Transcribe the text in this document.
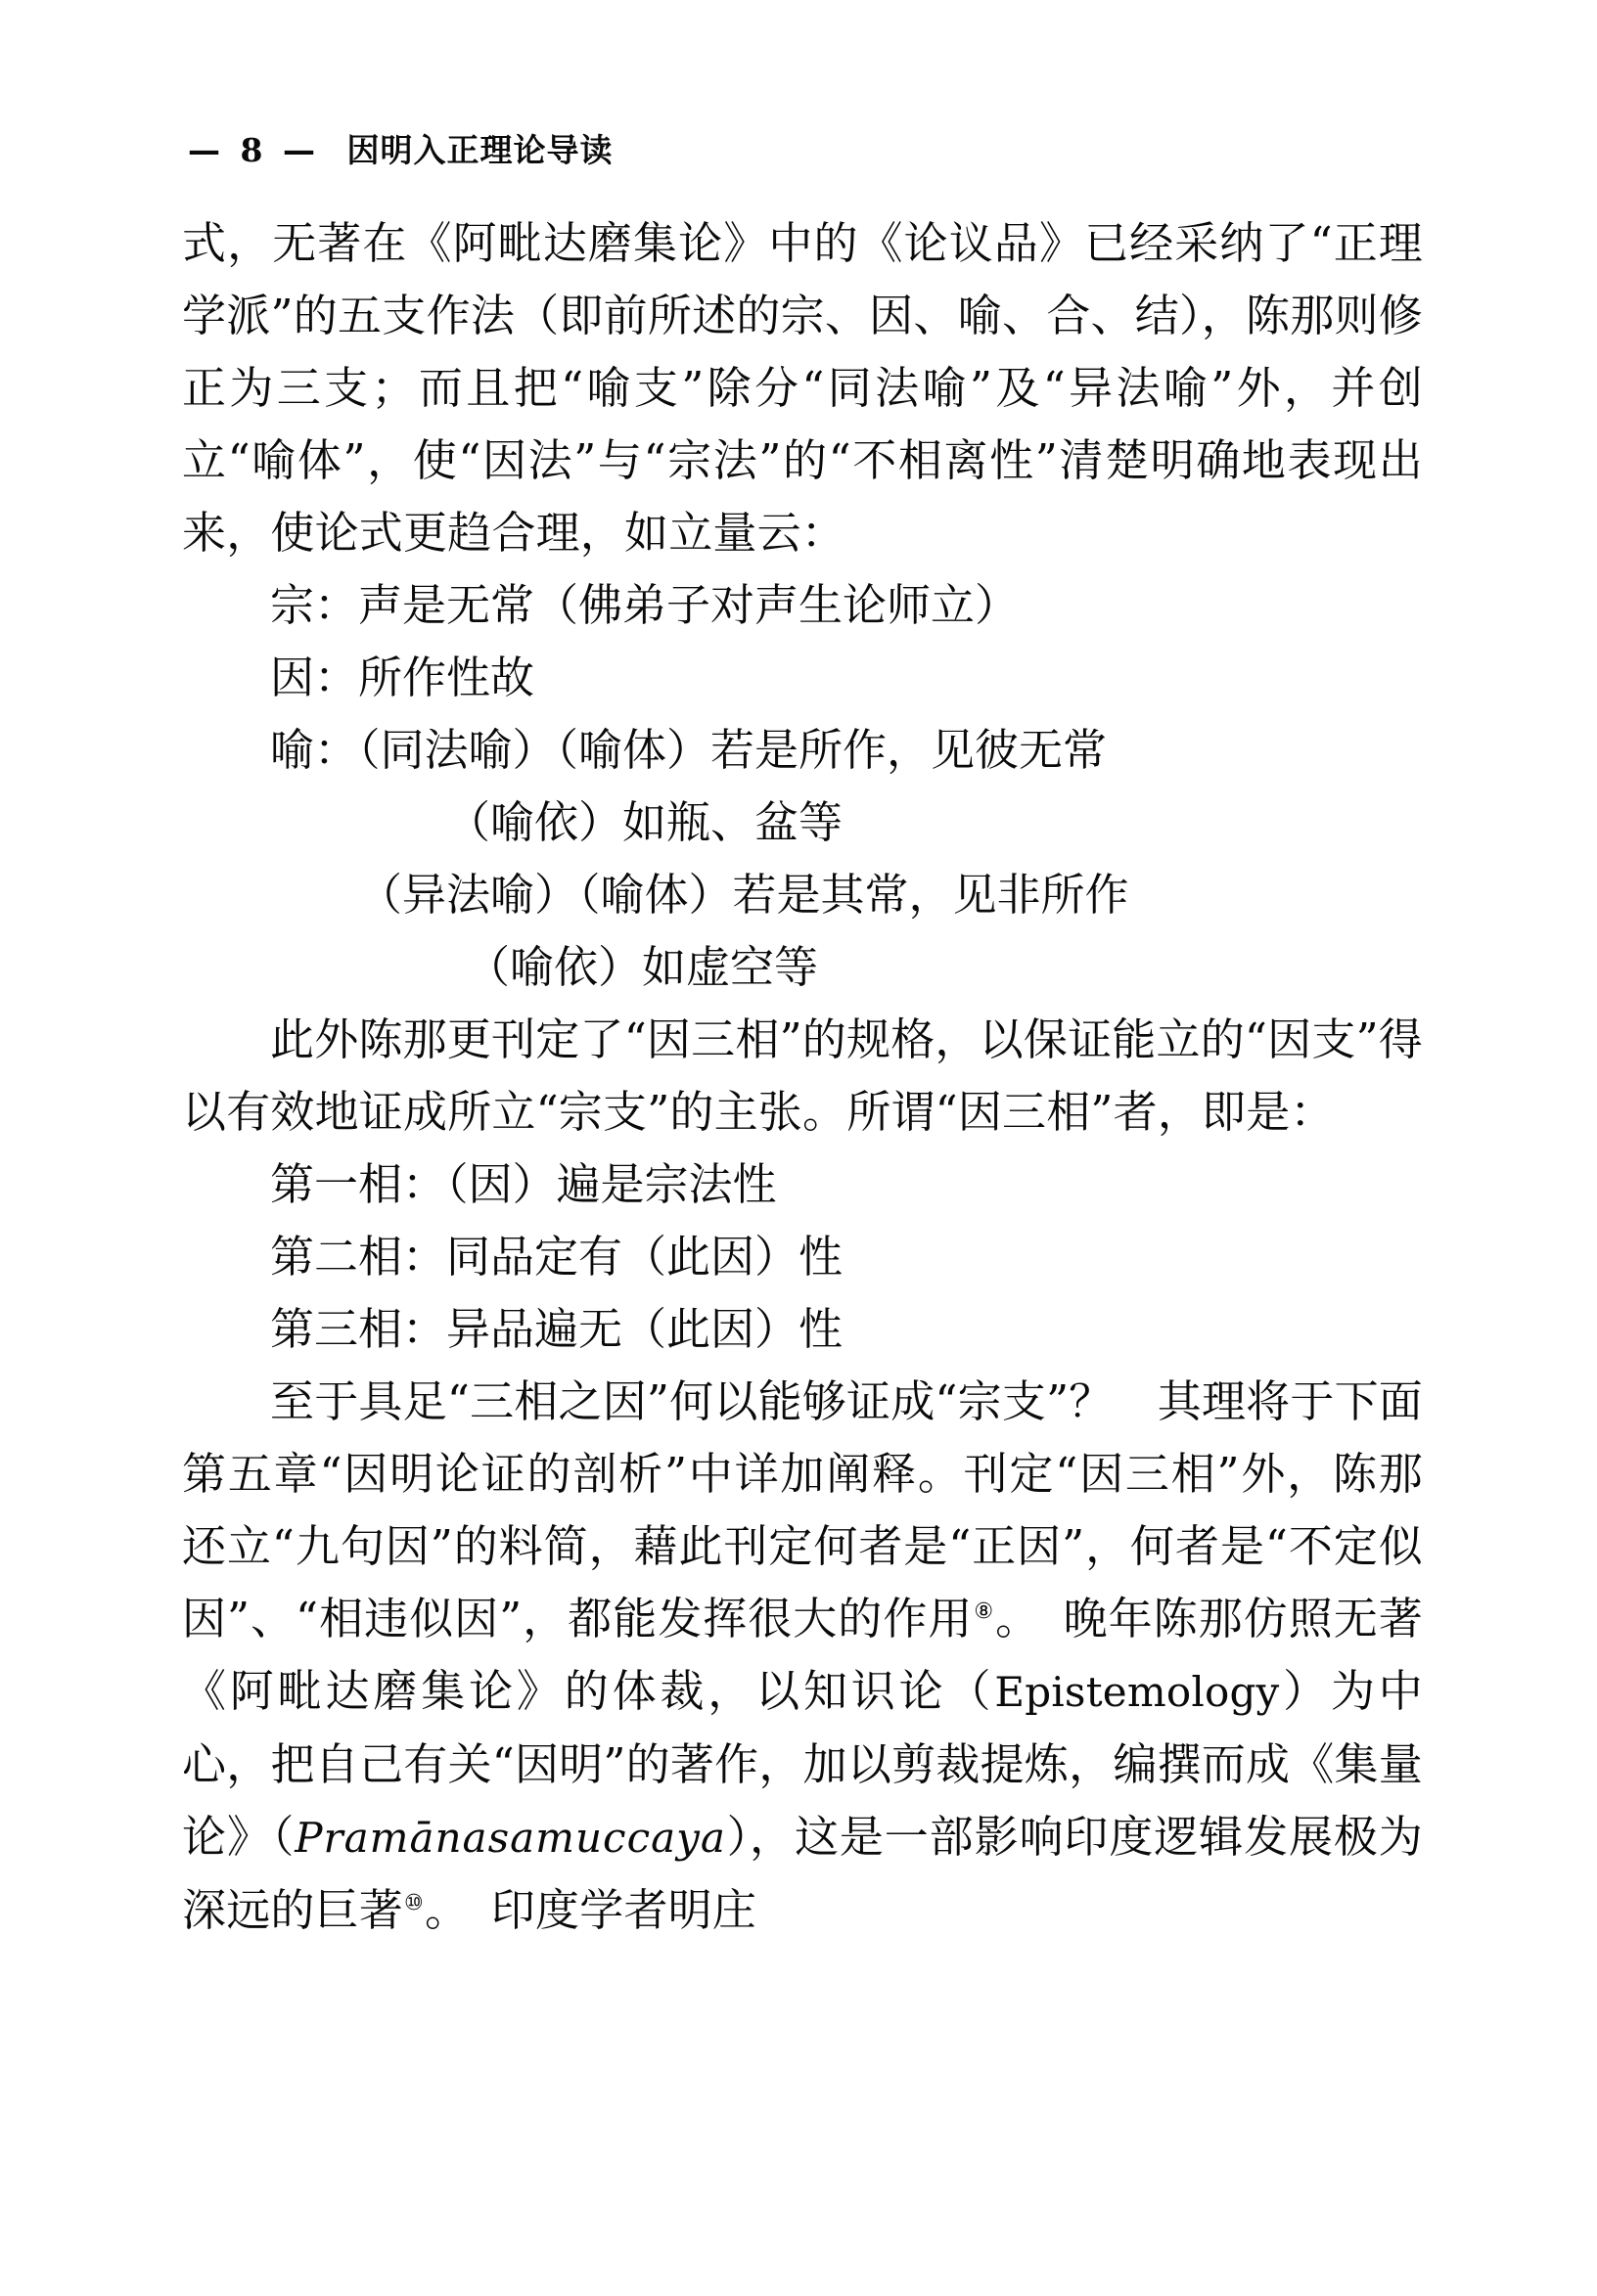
— 8 — 因明入正理论导读

式，无著在《阿毗达磨集论》中的《论议品》已经采纳了“正理学派”的五支作法（即前所述的宗、因、喻、合、结），陈那则修正为三支；而且把“喻支”除分“同法喻”及“异法喻”外，并创立“喻体”，使“因法”与“宗法”的“不相离性”清楚明确地表现出来，使论式更趋合理，如立量云：

宗：声是无常（佛弟子对声生论师立）
因：所作性故
喻：（同法喻）（喻体）若是所作，见彼无常
（喻依）如瓶、盆等
（异法喻）（喻体）若是其常，见非所作
（喻依）如虚空等

此外陈那更刊定了“因三相”的规格，以保证能立的“因支”得以有效地证成所立“宗支”的主张。所谓“因三相”者，即是：

第一相：（因）遍是宗法性
第二相：同品定有（此因）性
第三相：异品遍无（此因）性

至于具足“三相之因”何以能够证成“宗支”？　其理将于下面第五章“因明论证的剖析”中详加阐释。刊定“因三相”外，陈那还立“九句因”的料简，藉此刊定何者是“正因”，何者是“不定似因”、“相违似因”，都能发挥很大的作用⑧。　晚年陈那仿照无著《阿毗达磨集论》的体裁，以知识论（Epistemology）为中心，把自己有关“因明”的著作，加以剪裁提炼，编撰而成《集量论》（Pramānasamuccaya），这是一部影响印度逻辑发展极为深远的巨著⑩。　印度学者明庄
